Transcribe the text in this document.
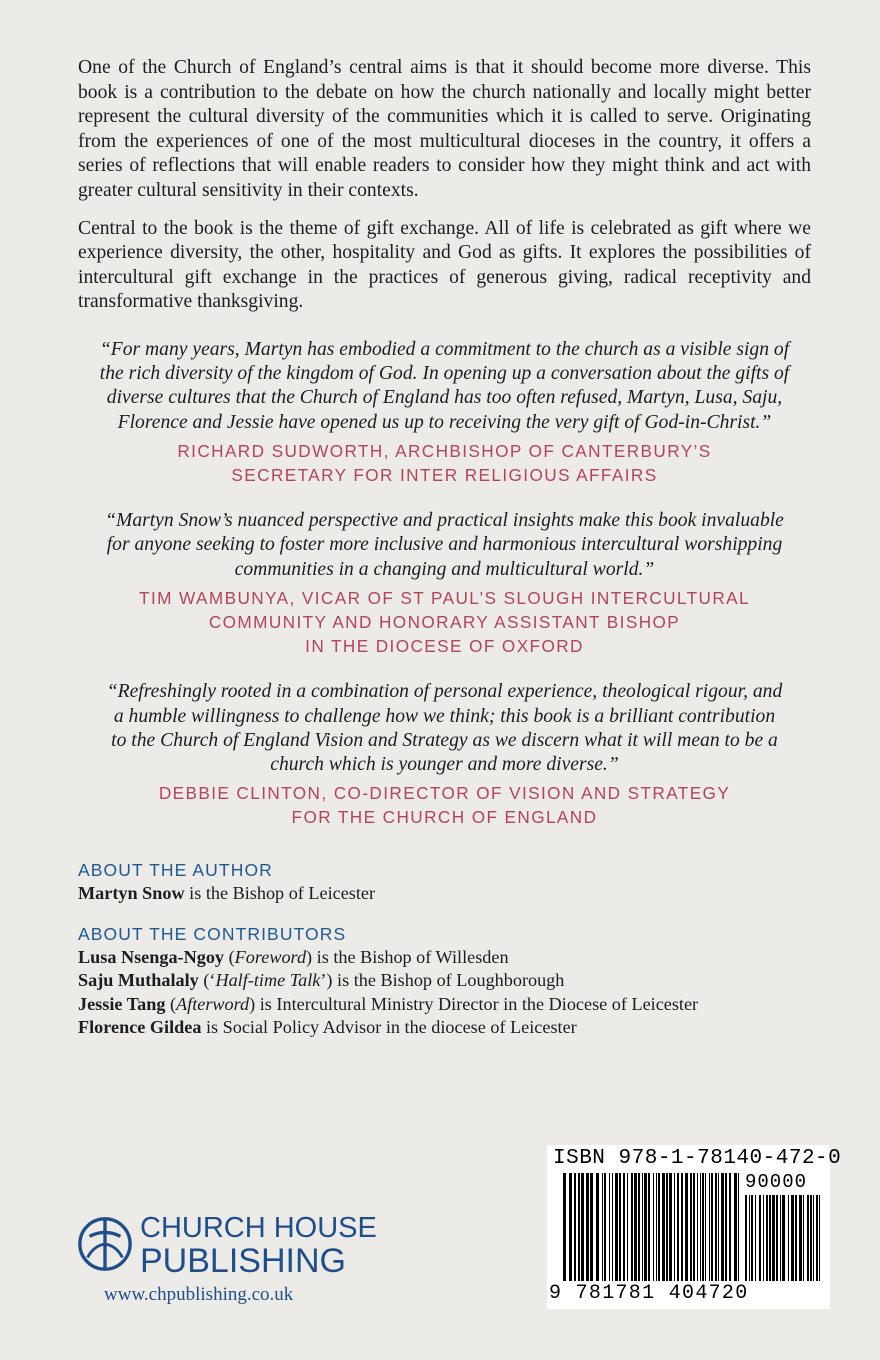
One of the Church of England’s central aims is that it should become more diverse. This book is a contribution to the debate on how the church nationally and locally might better represent the cultural diversity of the communities which it is called to serve. Originating from the experiences of one of the most multicultural dioceses in the country, it offers a series of reflections that will enable readers to consider how they might think and act with greater cultural sensitivity in their contexts.

Central to the book is the theme of gift exchange. All of life is celebrated as gift where we experience diversity, the other, hospitality and God as gifts. It explores the possibilities of intercultural gift exchange in the practices of generous giving, radical receptivity and transformative thanksgiving.

“For many years, Martyn has embodied a commitment to the church as a visible sign of
the rich diversity of the kingdom of God. In opening up a conversation about the gifts of
diverse cultures that the Church of England has too often refused, Martyn, Lusa, Saju,
Florence and Jessie have opened us up to receiving the very gift of God-in-Christ.”

RICHARD SUDWORTH, ARCHBISHOP OF CANTERBURY’S
SECRETARY FOR INTER RELIGIOUS AFFAIRS

“Martyn Snow’s nuanced perspective and practical insights make this book invaluable
for anyone seeking to foster more inclusive and harmonious intercultural worshipping
communities in a changing and multicultural world.”

TIM WAMBUNYA, VICAR OF ST PAUL’S SLOUGH INTERCULTURAL
COMMUNITY AND HONORARY ASSISTANT BISHOP
IN THE DIOCESE OF OXFORD

“Refreshingly rooted in a combination of personal experience, theological rigour, and
a humble willingness to challenge how we think; this book is a brilliant contribution
to the Church of England Vision and Strategy as we discern what it will mean to be a
church which is younger and more diverse.”

DEBBIE CLINTON, CO-DIRECTOR OF VISION AND STRATEGY
FOR THE CHURCH OF ENGLAND

ABOUT THE AUTHOR

Martyn Snow is the Bishop of Leicester

ABOUT THE CONTRIBUTORS

Lusa Nsenga-Ngoy (Foreword) is the Bishop of Willesden

Saju Muthalaly (‘Half-time Talk’) is the Bishop of Loughborough

Jessie Tang (Afterword) is Intercultural Ministry Director in the Diocese of Leicester

Florence Gildea is Social Policy Advisor in the diocese of Leicester

CHURCH HOUSE
PUBLISHING
www.chpublishing.co.uk
ISBN 978-1-78140-472-0
90000
9 781781 404720
